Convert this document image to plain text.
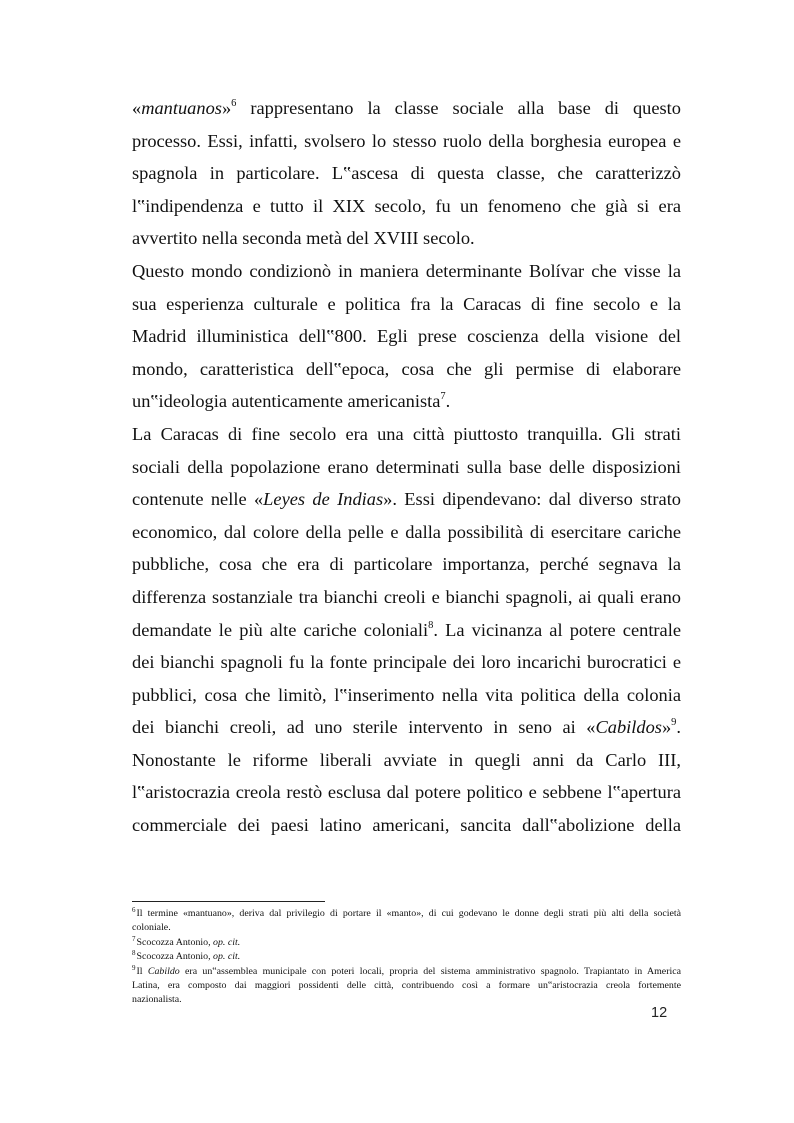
«mantuanos»$^6$ rappresentano la classe sociale alla base di questo
processo. Essi, infatti, svolsero lo stesso ruolo della borghesia europea e
spagnola in particolare. L‟ascesa di questa classe, che caratterizzò
l‟indipendenza e tutto il XIX secolo, fu un fenomeno che già si era
avvertito nella seconda metà del XVIII secolo.
Questo mondo condizionò in maniera determinante Bolívar che visse la
sua esperienza culturale e politica fra la Caracas di fine secolo e la
Madrid illuministica dell‟800. Egli prese coscienza della visione del
mondo, caratteristica dell‟epoca, cosa che gli permise di elaborare
un‟ideologia autenticamente americanista$^7$.
La Caracas di fine secolo era una città piuttosto tranquilla. Gli strati
sociali della popolazione erano determinati sulla base delle disposizioni
contenute nelle «Leyes de Indias». Essi dipendevano: dal diverso strato
economico, dal colore della pelle e dalla possibilità di esercitare cariche
pubbliche, cosa che era di particolare importanza, perché segnava la
differenza sostanziale tra bianchi creoli e bianchi spagnoli, ai quali erano
demandate le più alte cariche coloniali$^8$. La vicinanza al potere centrale
dei bianchi spagnoli fu la fonte principale dei loro incarichi burocratici e
pubblici, cosa che limitò, l‟inserimento nella vita politica della colonia
dei bianchi creoli, ad uno sterile intervento in seno ai «Cabildos»$^9$.
Nonostante le riforme liberali avviate in quegli anni da Carlo III,
l‟aristocrazia creola restò esclusa dal potere politico e sebbene l‟apertura
commerciale dei paesi latino americani, sancita dall‟abolizione della
$^6$Il termine «mantuano», deriva dal privilegio di portare il «manto», di cui godevano le donne degli strati più alti della società
coloniale.
$^7$Scocozza Antonio, op. cit.
$^8$Scocozza Antonio, op. cit.
$^9$Il Cabildo era un‟assemblea municipale con poteri locali, propria del sistema amministrativo spagnolo. Trapiantato in America
Latina, era composto dai maggiori possidenti delle città, contribuendo così a formare un‟aristocrazia creola fortemente
nazionalista.
12
